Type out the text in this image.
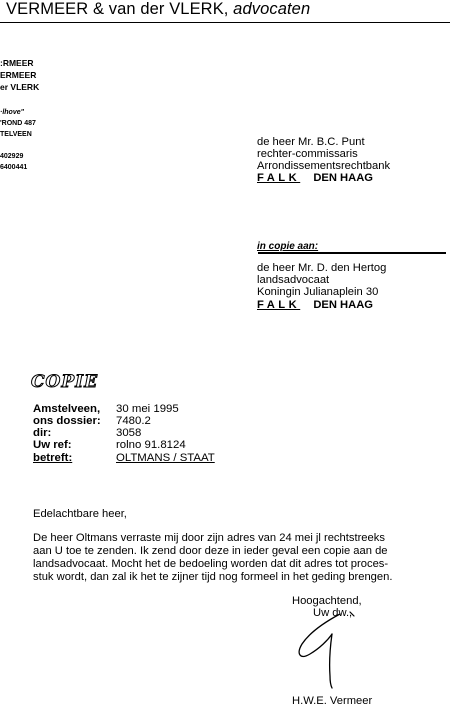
VERMEER & van der VLERK, advocaten
:RMEER
ERMEER
er VLERK
·lhove"
'ROND 487
TELVEEN
402929
6400441
de heer Mr. B.C. Punt
rechter-commissaris
Arrondissementsrechtbank
FALK DEN HAAG
in copie aan:
de heer Mr. D. den Hertog
landsadvocaat
Koningin Julianaplein 30
FALK DEN HAAG
COPIE
Amstelveen, 30 mei 1995
ons dossier: 7480.2
dir:	3058
Uw ref:	rolno 91.8124
betreft:	OLTMANS / STAAT
Edelachtbare heer,
De heer Oltmans verraste mij door zijn adres van 24 mei jl rechtstreeks
aan U toe te zenden. Ik zend door deze in ieder geval een copie aan de
landsadvocaat. Mocht het de bedoeling worden dat dit adres tot proces-
stuk wordt, dan zal ik het te zijner tijd nog formeel in het geding brengen.
Hoogachtend,
Uw dw.,
H.W.E. Vermeer
